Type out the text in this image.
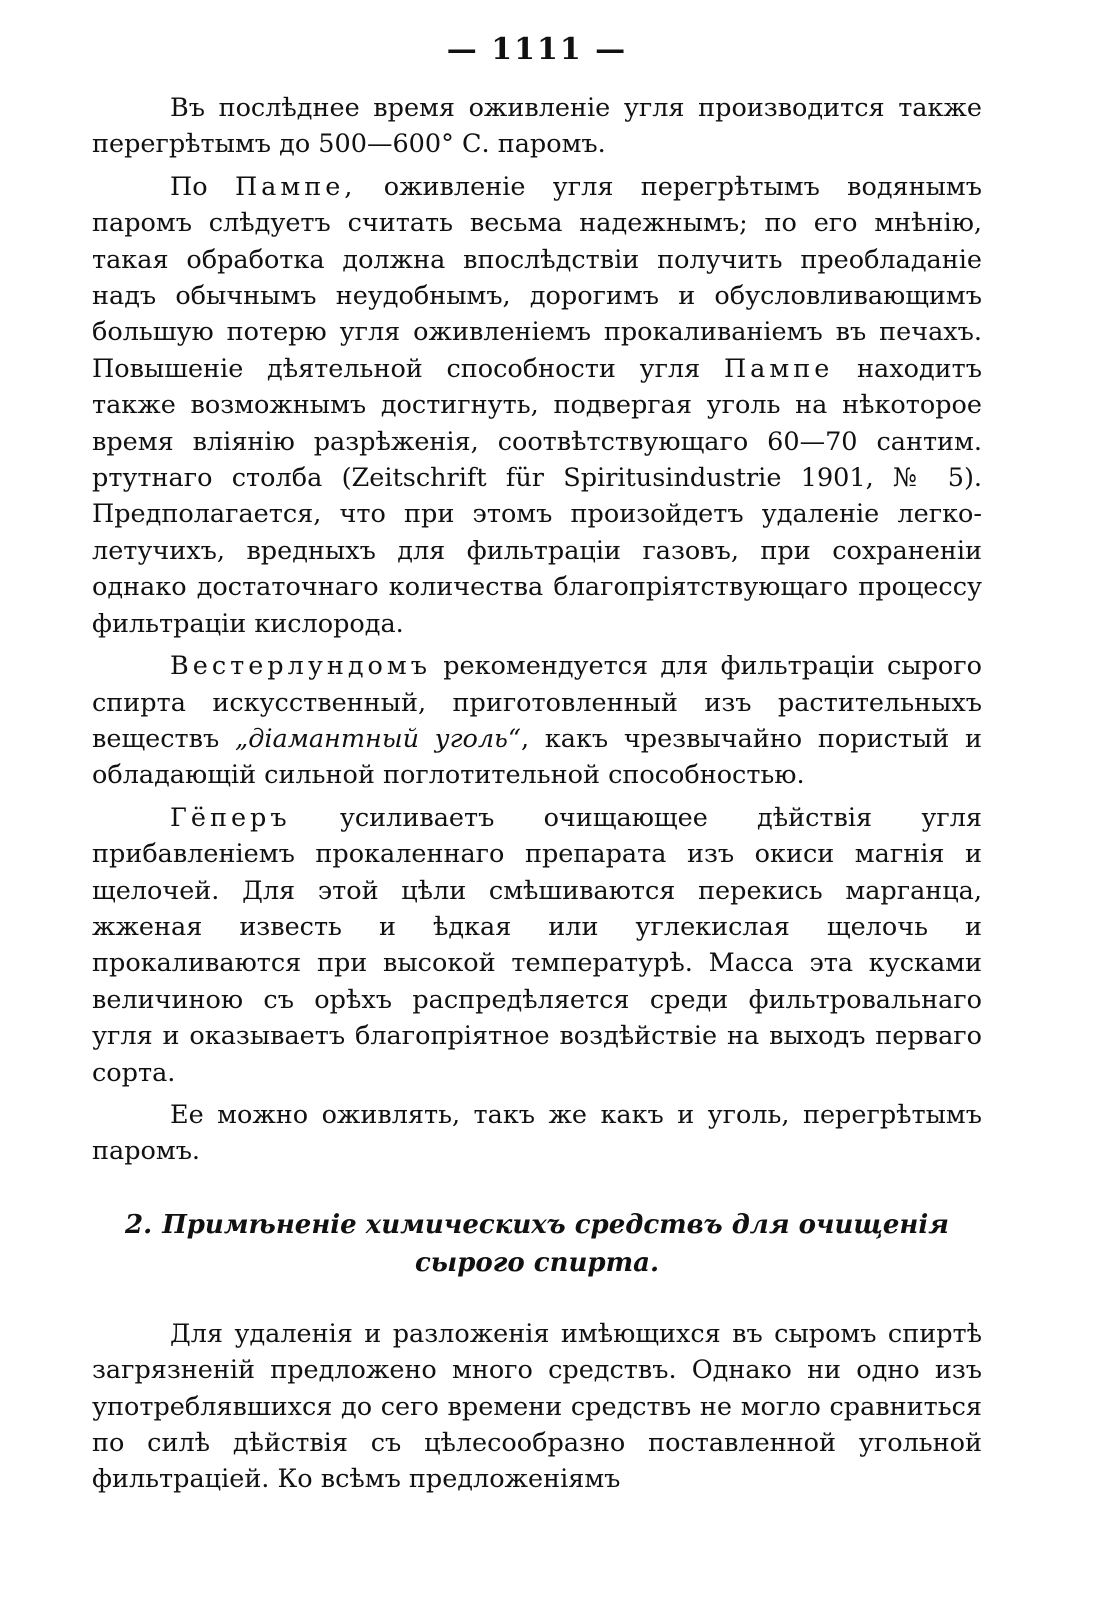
— 1111 —

Въ послѣднее время оживленіе угля производится также перегрѣтымъ до 500—600° С. паромъ.

По Пампе, оживленіе угля перегрѣтымъ водянымъ паромъ слѣдуетъ считать весьма надежнымъ; по его мнѣнію, такая обработка должна впослѣдствіи получить преобладаніе надъ обычнымъ неудобнымъ, дорогимъ и обусловливающимъ большую потерю угля оживленіемъ прокаливаніемъ въ печахъ. Повышеніе дѣятельной способности угля Пампе находитъ также возможнымъ достигнуть, подвергая уголь на нѣкоторое время вліянію разрѣженія, соотвѣтствующаго 60—70 сантим. ртутнаго столба (Zeitschrift für Spiritusindustrie 1901, № 5). Предполагается, что при этомъ произойдетъ удаленіе легко-летучихъ, вредныхъ для фильтраціи газовъ, при сохраненіи однако достаточнаго количества благопріятствующаго процессу фильтраціи кислорода.

Вестерлундомъ рекомендуется для фильтраціи сырого спирта искусственный, приготовленный изъ растительныхъ веществъ „діамантный уголь“, какъ чрезвычайно пористый и обладающій сильной поглотительной способностью.

Гёперъ усиливаетъ очищающее дѣйствія угля прибавленіемъ прокаленнаго препарата изъ окиси магнія и щелочей. Для этой цѣли смѣшиваются перекись марганца, жженая известь и ѣдкая или углекислая щелочь и прокаливаются при высокой температурѣ. Масса эта кусками величиною съ орѣхъ распредѣляется среди фильтровальнаго угля и оказываетъ благопріятное воздѣйствіе на выходъ перваго сорта.

Ее можно оживлять, такъ же какъ и уголь, перегрѣтымъ паромъ.

2. Примѣненіе химическихъ средствъ для очищенія сырого спирта.

Для удаленія и разложенія имѣющихся въ сыромъ спиртѣ загрязненій предложено много средствъ. Однако ни одно изъ употреблявшихся до сего времени средствъ не могло сравниться по силѣ дѣйствія съ цѣлесообразно поставленной угольной фильтраціей. Ко всѣмъ предложеніямъ
